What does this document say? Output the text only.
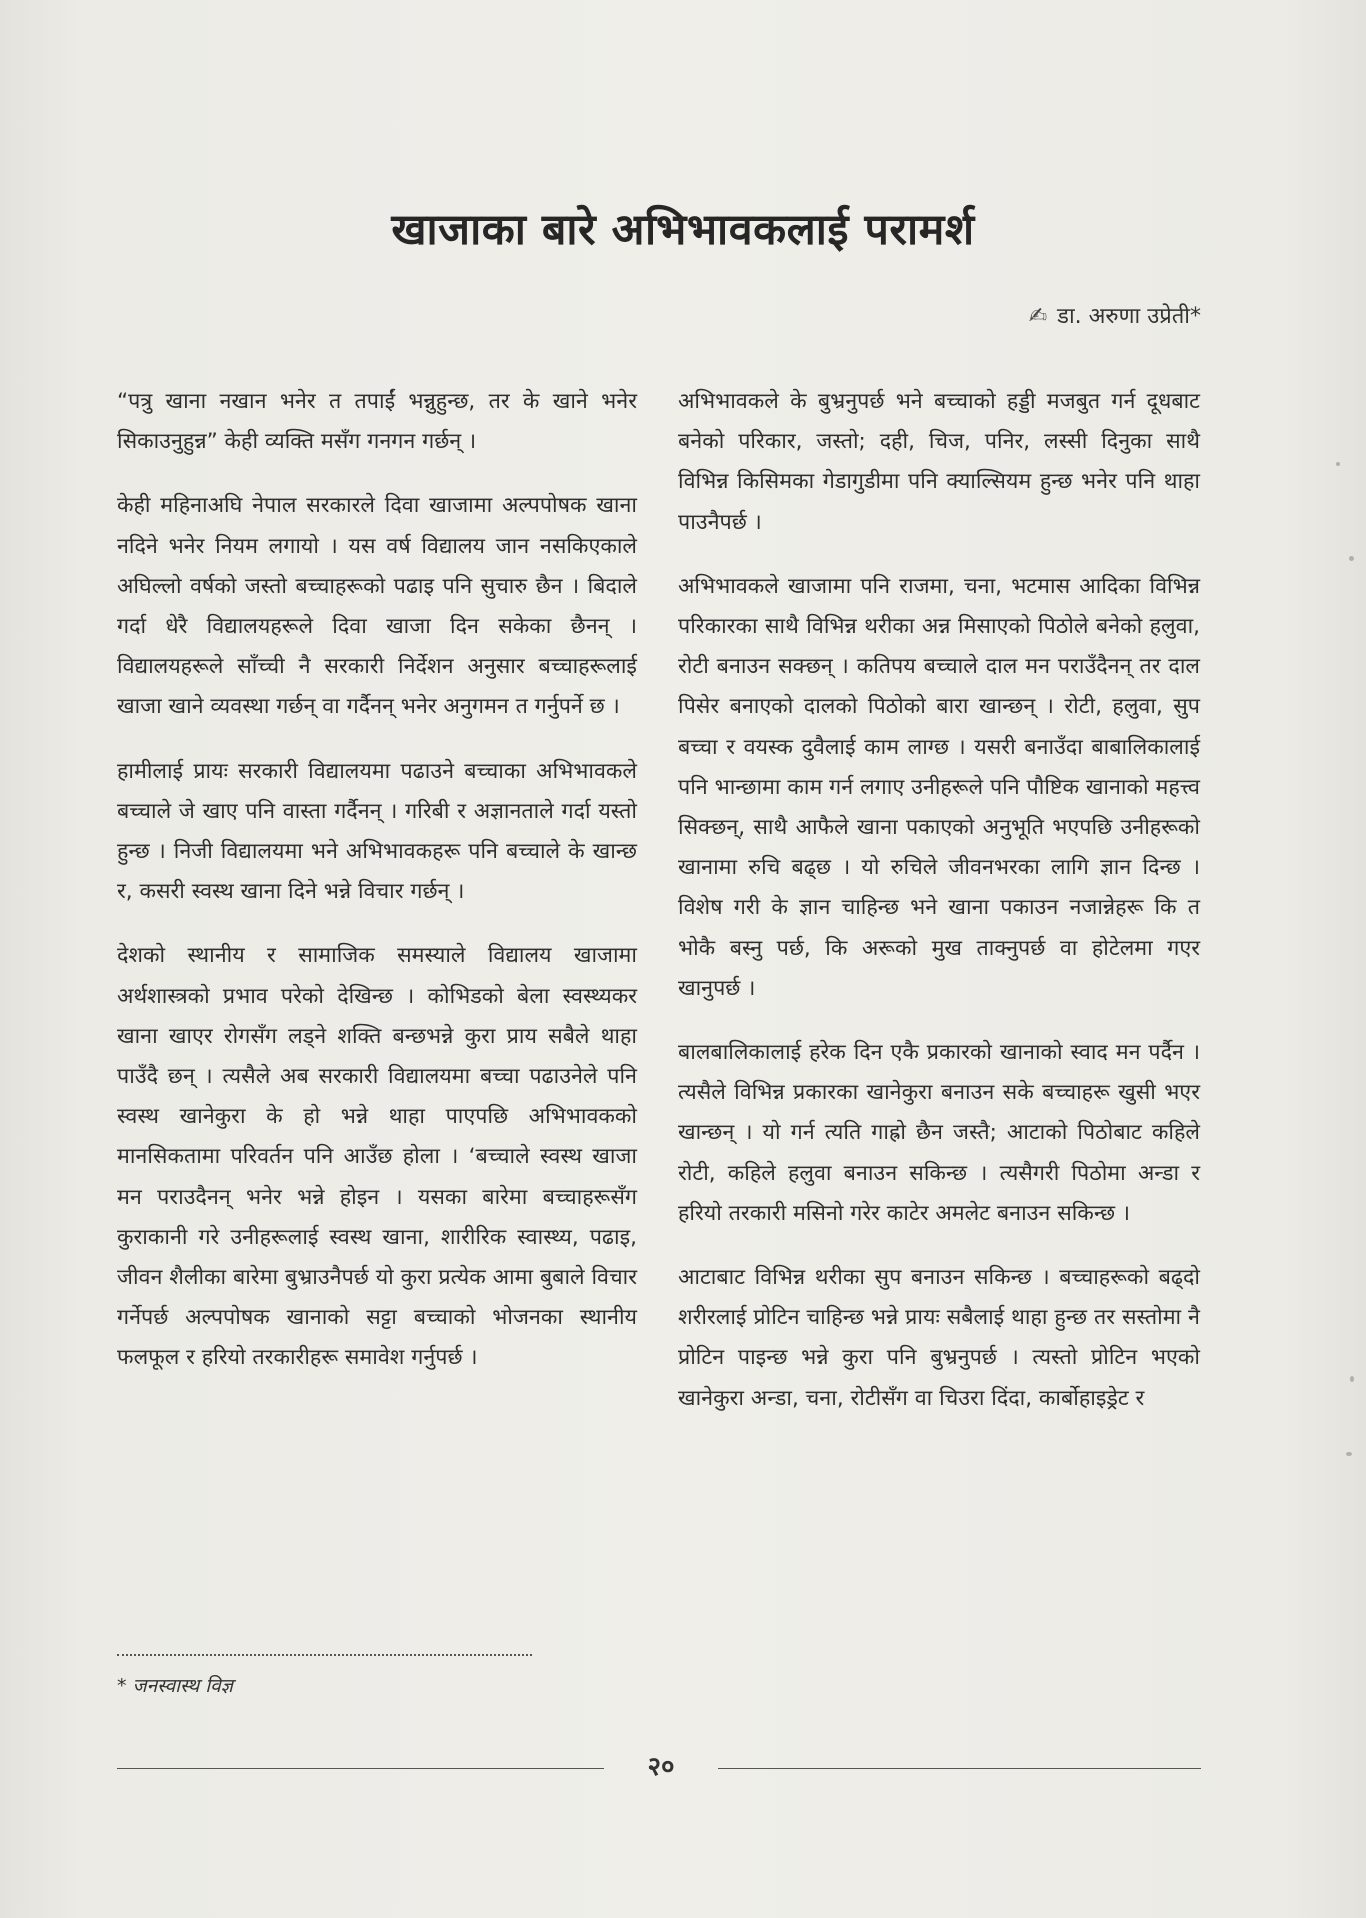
खाजाका बारे अभिभावकलाई परामर्श
✍ डा. अरुणा उप्रेती*

“पत्रु खाना नखान भनेर त तपाईं भन्नुहुन्छ, तर के खाने भनेर सिकाउनुहुन्न” केही व्यक्ति मसँग गनगन गर्छन् ।

केही महिनाअघि नेपाल सरकारले दिवा खाजामा अल्पपोषक खाना नदिने भनेर नियम लगायो । यस वर्ष विद्यालय जान नसकिएकाले अघिल्लो वर्षको जस्तो बच्चाहरूको पढाइ पनि सुचारु छैन । बिदाले गर्दा धेरै विद्यालयहरूले दिवा खाजा दिन सकेका छैनन् । विद्यालयहरूले साँच्ची नै सरकारी निर्देशन अनुसार बच्चाहरूलाई खाजा खाने व्यवस्था गर्छन् वा गर्दैनन् भनेर अनुगमन त गर्नुपर्ने छ ।

हामीलाई प्रायः सरकारी विद्यालयमा पढाउने बच्चाका अभिभावकले बच्चाले जे खाए पनि वास्ता गर्दैनन् । गरिबी र अज्ञानताले गर्दा यस्तो हुन्छ । निजी विद्यालयमा भने अभिभावकहरू पनि बच्चाले के खान्छ र, कसरी स्वस्थ खाना दिने भन्ने विचार गर्छन् ।

देशको स्थानीय र सामाजिक समस्याले विद्यालय खाजामा अर्थशास्त्रको प्रभाव परेको देखिन्छ । कोभिडको बेला स्वस्थ्यकर खाना खाएर रोगसँग लड्ने शक्ति बन्छभन्ने कुरा प्राय सबैले थाहा पाउँदै छन् । त्यसैले अब सरकारी विद्यालयमा बच्चा पढाउनेले पनि स्वस्थ खानेकुरा के हो भन्ने थाहा पाएपछि अभिभावकको मानसिकतामा परिवर्तन पनि आउँछ होला । ‘बच्चाले स्वस्थ खाजा मन पराउदैनन् भनेर भन्ने होइन । यसका बारेमा बच्चाहरूसँग कुराकानी गरे उनीहरूलाई स्वस्थ खाना, शारीरिक स्वास्थ्य, पढाइ, जीवन शैलीका बारेमा बुभ्राउनैपर्छ यो कुरा प्रत्येक आमा बुबाले विचार गर्नेपर्छ अल्पपोषक खानाको सट्टा बच्चाको भोजनका स्थानीय फलफूल र हरियो तरकारीहरू समावेश गर्नुपर्छ ।

अभिभावकले के बुभ्रनुपर्छ भने बच्चाको हड्डी मजबुत गर्न दूधबाट बनेको परिकार, जस्तो; दही, चिज, पनिर, लस्सी दिनुका साथै विभिन्न किसिमका गेडागुडीमा पनि क्याल्सियम हुन्छ भनेर पनि थाहा पाउनैपर्छ ।

अभिभावकले खाजामा पनि राजमा, चना, भटमास आदिका विभिन्न परिकारका साथै विभिन्न थरीका अन्न मिसाएको पिठोले बनेको हलुवा, रोटी बनाउन सक्छन् । कतिपय बच्चाले दाल मन पराउँदैनन् तर दाल पिसेर बनाएको दालको पिठोको बारा खान्छन् । रोटी, हलुवा, सुप बच्चा र वयस्क दुवैलाई काम लाग्छ । यसरी बनाउँदा बाबालिकालाई पनि भान्छामा काम गर्न लगाए उनीहरूले पनि पौष्टिक खानाको महत्त्व सिक्छन्, साथै आफैले खाना पकाएको अनुभूति भएपछि उनीहरूको खानामा रुचि बढ्छ । यो रुचिले जीवनभरका लागि ज्ञान दिन्छ । विशेष गरी के ज्ञान चाहिन्छ भने खाना पकाउन नजान्नेहरू कि त भोकै बस्नु पर्छ, कि अरूको मुख ताक्नुपर्छ वा होटेलमा गएर खानुपर्छ ।

बालबालिकालाई हरेक दिन एकै प्रकारको खानाको स्वाद मन पर्दैन । त्यसैले विभिन्न प्रकारका खानेकुरा बनाउन सके बच्चाहरू खुसी भएर खान्छन् । यो गर्न त्यति गाह्रो छैन जस्तै; आटाको पिठोबाट कहिले रोटी, कहिले हलुवा बनाउन सकिन्छ । त्यसैगरी पिठोमा अन्डा र हरियो तरकारी मसिनो गरेर काटेर अमलेट बनाउन सकिन्छ ।

आटाबाट विभिन्न थरीका सुप बनाउन सकिन्छ । बच्चाहरूको बढ्दो शरीरलाई प्रोटिन चाहिन्छ भन्ने प्रायः सबैलाई थाहा हुन्छ तर सस्तोमा नै प्रोटिन पाइन्छ भन्ने कुरा पनि बुभ्रनुपर्छ । त्यस्तो प्रोटिन भएको खानेकुरा अन्डा, चना, रोटीसँग वा चिउरा दिंदा, कार्बोहाइड्रेट र

* जनस्वास्थ विज्ञ
२०
